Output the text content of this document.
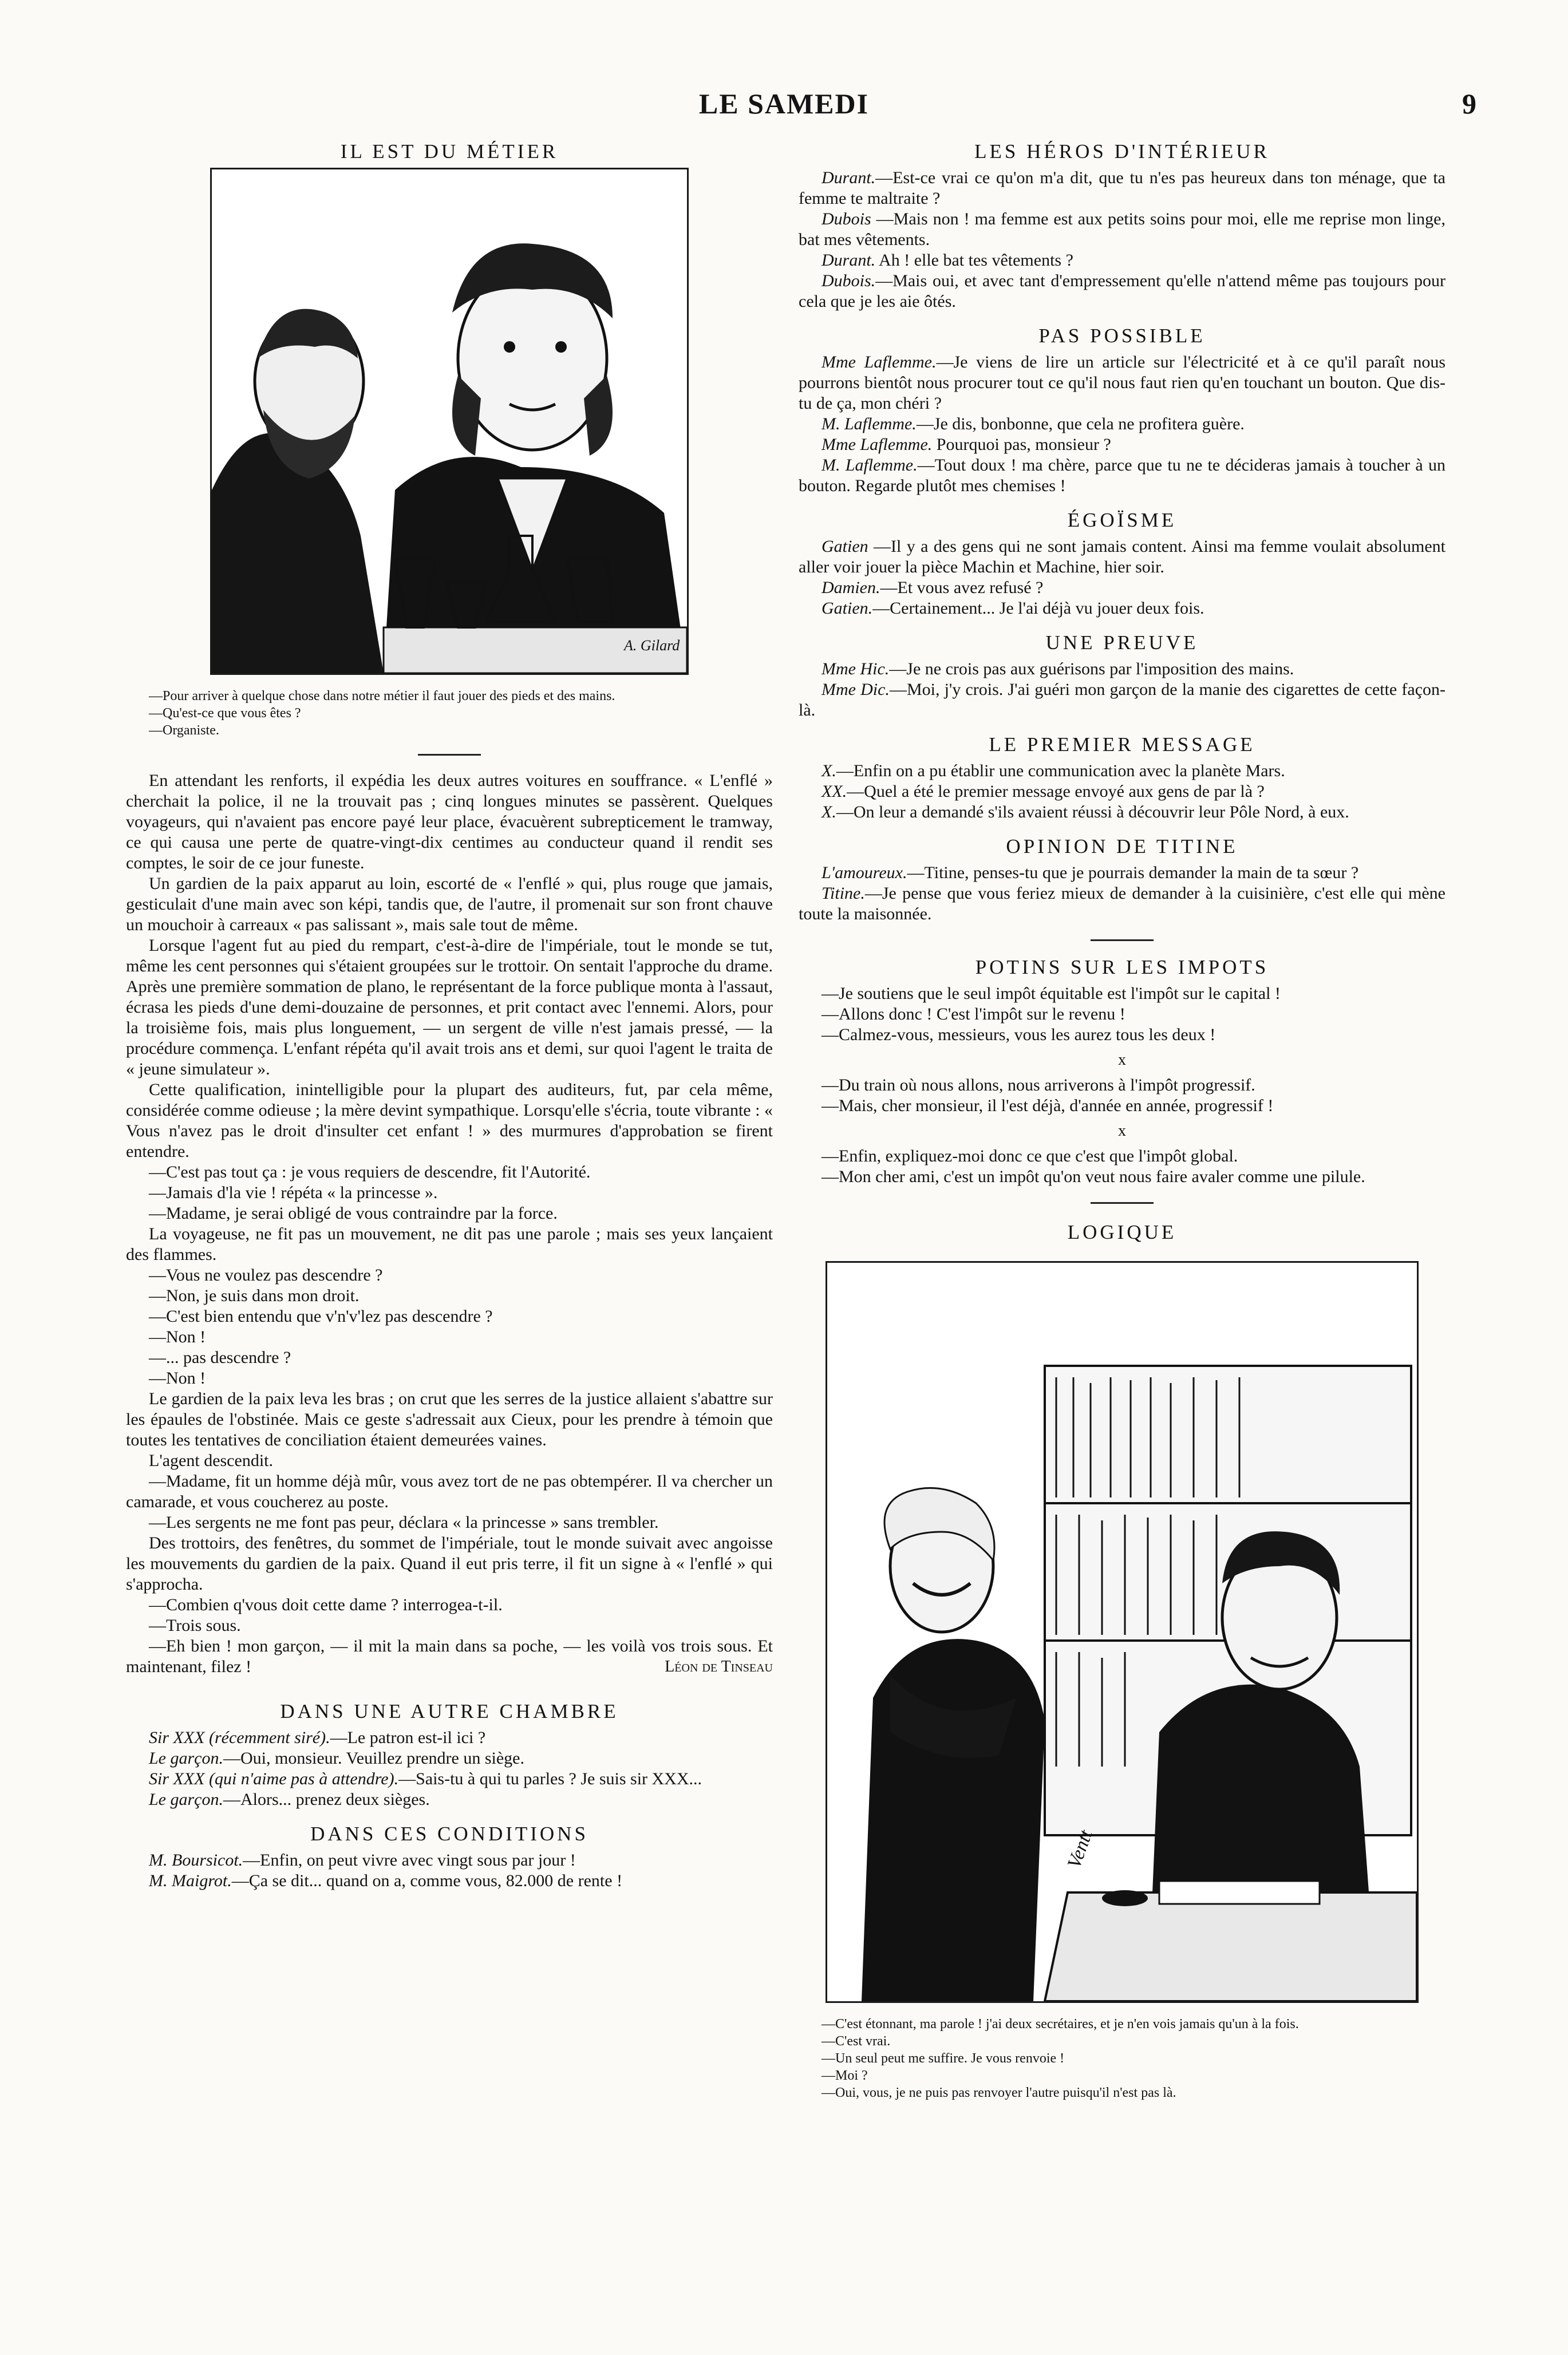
LE SAMEDI	9
IL EST DU MÉTIER
A. Gilard

—Pour arriver à quelque chose dans notre métier il faut jouer des pieds et des mains.

—Qu'est-ce que vous êtes ?

—Organiste.

En attendant les renforts, il expédia les deux autres voitures en souffrance. « L'enflé » cherchait la police, il ne la trouvait pas ; cinq longues minutes se passèrent. Quelques voyageurs, qui n'avaient pas encore payé leur place, évacuèrent subrepticement le tramway, ce qui causa une perte de quatre-vingt-dix centimes au conducteur quand il rendit ses comptes, le soir de ce jour funeste.

Un gardien de la paix apparut au loin, escorté de « l'enflé » qui, plus rouge que jamais, gesticulait d'une main avec son képi, tandis que, de l'autre, il promenait sur son front chauve un mouchoir à carreaux « pas salissant », mais sale tout de même.

Lorsque l'agent fut au pied du rempart, c'est-à-dire de l'impériale, tout le monde se tut, même les cent personnes qui s'étaient groupées sur le trottoir. On sentait l'approche du drame. Après une première sommation de plano, le représentant de la force publique monta à l'assaut, écrasa les pieds d'une demi-douzaine de personnes, et prit contact avec l'ennemi. Alors, pour la troisième fois, mais plus longuement, — un sergent de ville n'est jamais pressé, — la procédure commença. L'enfant répéta qu'il avait trois ans et demi, sur quoi l'agent le traita de « jeune simulateur ».

Cette qualification, inintelligible pour la plupart des auditeurs, fut, par cela même, considérée comme odieuse ; la mère devint sympathique. Lorsqu'elle s'écria, toute vibrante : « Vous n'avez pas le droit d'insulter cet enfant ! » des murmures d'approbation se firent entendre.

—C'est pas tout ça : je vous requiers de descendre, fit l'Autorité.

—Jamais d'la vie ! répéta « la princesse ».

—Madame, je serai obligé de vous contraindre par la force.

La voyageuse, ne fit pas un mouvement, ne dit pas une parole ; mais ses yeux lançaient des flammes.

—Vous ne voulez pas descendre ?

—Non, je suis dans mon droit.

—C'est bien entendu que v'n'v'lez pas descendre ?

—Non !

—... pas descendre ?

—Non !

Le gardien de la paix leva les bras ; on crut que les serres de la justice allaient s'abattre sur les épaules de l'obstinée. Mais ce geste s'adressait aux Cieux, pour les prendre à témoin que toutes les tentatives de conciliation étaient demeurées vaines.

L'agent descendit.

—Madame, fit un homme déjà mûr, vous avez tort de ne pas obtempérer. Il va chercher un camarade, et vous coucherez au poste.

—Les sergents ne me font pas peur, déclara « la princesse » sans trembler.

Des trottoirs, des fenêtres, du sommet de l'impériale, tout le monde suivait avec angoisse les mouvements du gardien de la paix. Quand il eut pris terre, il fit un signe à « l'enflé » qui s'approcha.

—Combien q'vous doit cette dame ? interrogea-t-il.

—Trois sous.

—Eh bien ! mon garçon, — il mit la main dans sa poche, — les voilà vos trois sous. Et maintenant, filez !	Léon de Tinseau

DANS UNE AUTRE CHAMBRE

Sir XXX (récemment siré).—Le patron est-il ici ?

Le garçon.—Oui, monsieur. Veuillez prendre un siège.

Sir XXX (qui n'aime pas à attendre).—Sais-tu à qui tu parles ? Je suis sir XXX...

Le garçon.—Alors... prenez deux sièges.

DANS CES CONDITIONS

M. Boursicot.—Enfin, on peut vivre avec vingt sous par jour !

M. Maigrot.—Ça se dit... quand on a, comme vous, 82.000 de rente !

LES HÉROS D'INTÉRIEUR

Durant.—Est-ce vrai ce qu'on m'a dit, que tu n'es pas heureux dans ton ménage, que ta femme te maltraite ?

Dubois —Mais non ! ma femme est aux petits soins pour moi, elle me reprise mon linge, bat mes vêtements.

Durant. Ah ! elle bat tes vêtements ?

Dubois.—Mais oui, et avec tant d'empressement qu'elle n'attend même pas toujours pour cela que je les aie ôtés.

PAS POSSIBLE

Mme Laflemme.—Je viens de lire un article sur l'électricité et à ce qu'il paraît nous pourrons bientôt nous procurer tout ce qu'il nous faut rien qu'en touchant un bouton. Que dis-tu de ça, mon chéri ?

M. Laflemme.—Je dis, bonbonne, que cela ne profitera guère.

Mme Laflemme. Pourquoi pas, monsieur ?

M. Laflemme.—Tout doux ! ma chère, parce que tu ne te décideras jamais à toucher à un bouton. Regarde plutôt mes chemises !

ÉGOÏSME

Gatien —Il y a des gens qui ne sont jamais content. Ainsi ma femme voulait absolument aller voir jouer la pièce Machin et Machine, hier soir.

Damien.—Et vous avez refusé ?

Gatien.—Certainement... Je l'ai déjà vu jouer deux fois.

UNE PREUVE

Mme Hic.—Je ne crois pas aux guérisons par l'imposition des mains.

Mme Dic.—Moi, j'y crois. J'ai guéri mon garçon de la manie des cigarettes de cette façon-là.

LE PREMIER MESSAGE

X.—Enfin on a pu établir une communication avec la planète Mars.

XX.—Quel a été le premier message envoyé aux gens de par là ?

X.—On leur a demandé s'ils avaient réussi à découvrir leur Pôle Nord, à eux.

OPINION DE TITINE

L'amoureux.—Titine, penses-tu que je pourrais demander la main de ta sœur ?

Titine.—Je pense que vous feriez mieux de demander à la cuisinière, c'est elle qui mène toute la maisonnée.

POTINS SUR LES IMPOTS

—Je soutiens que le seul impôt équitable est l'impôt sur le capital !

—Allons donc ! C'est l'impôt sur le revenu !

—Calmez-vous, messieurs, vous les aurez tous les deux !

x

—Du train où nous allons, nous arriverons à l'impôt progressif.

—Mais, cher monsieur, il l'est déjà, d'année en année, progressif !

x

—Enfin, expliquez-moi donc ce que c'est que l'impôt global.

—Mon cher ami, c'est un impôt qu'on veut nous faire avaler comme une pilule.

LOGIQUE
Ventt

—C'est étonnant, ma parole ! j'ai deux secrétaires, et je n'en vois jamais qu'un à la fois.

—C'est vrai.

—Un seul peut me suffire. Je vous renvoie !

—Moi ?

—Oui, vous, je ne puis pas renvoyer l'autre puisqu'il n'est pas là.
